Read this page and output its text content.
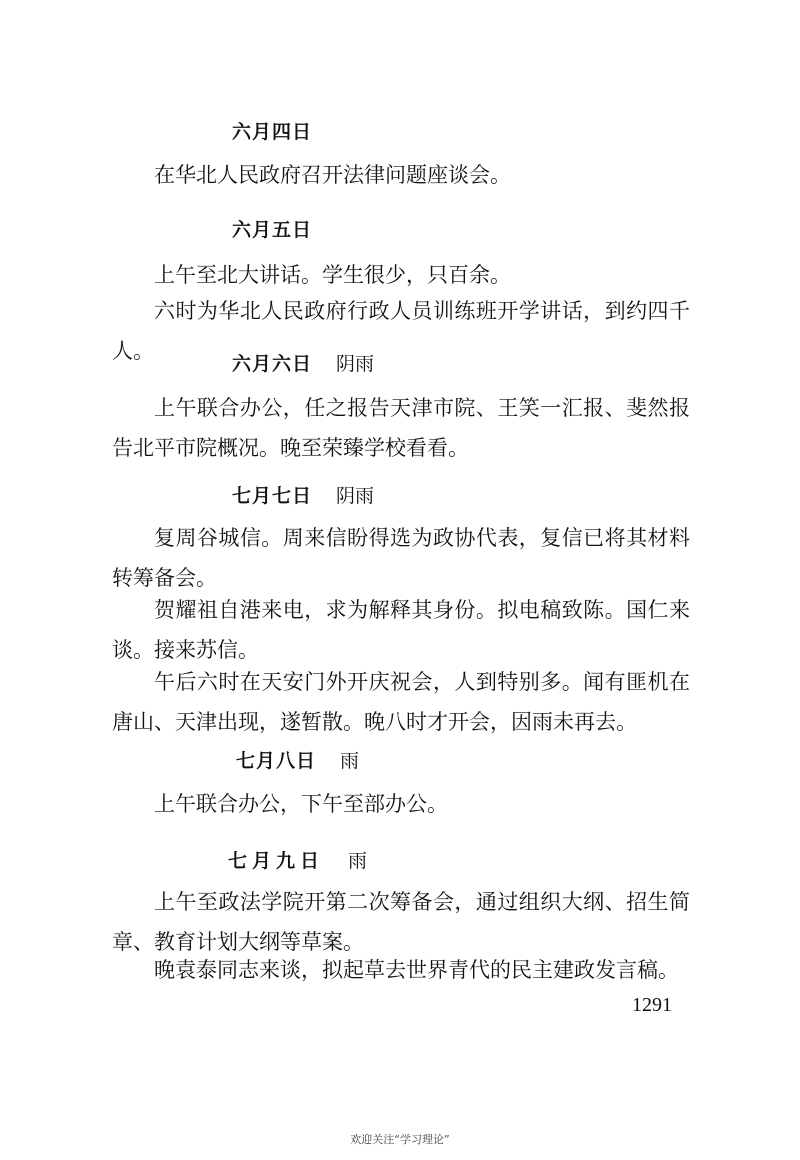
六月四日

在华北人民政府召开法律问题座谈会。

六月五日

上午至北大讲话。学生很少，只百余。

六时为华北人民政府行政人员训练班开学讲话，到约四千人。

六月六日 阴雨

上午联合办公，任之报告天津市院、王笑一汇报、斐然报告北平市院概况。晚至荣臻学校看看。

七月七日 阴雨

复周谷城信。周来信盼得选为政协代表，复信已将其材料转筹备会。

贺耀祖自港来电，求为解释其身份。拟电稿致陈。国仁来谈。接来苏信。

午后六时在天安门外开庆祝会，人到特别多。闻有匪机在唐山、天津出现，遂暂散。晚八时才开会，因雨未再去。

七月八日 雨

上午联合办公，下午至部办公。

七月九日 雨

上午至政法学院开第二次筹备会，通过组织大纲、招生简章、教育计划大纲等草案。

晚袁泰同志来谈，拟起草去世界青代的民主建政发言稿。

1291
欢迎关注“学习理论”
